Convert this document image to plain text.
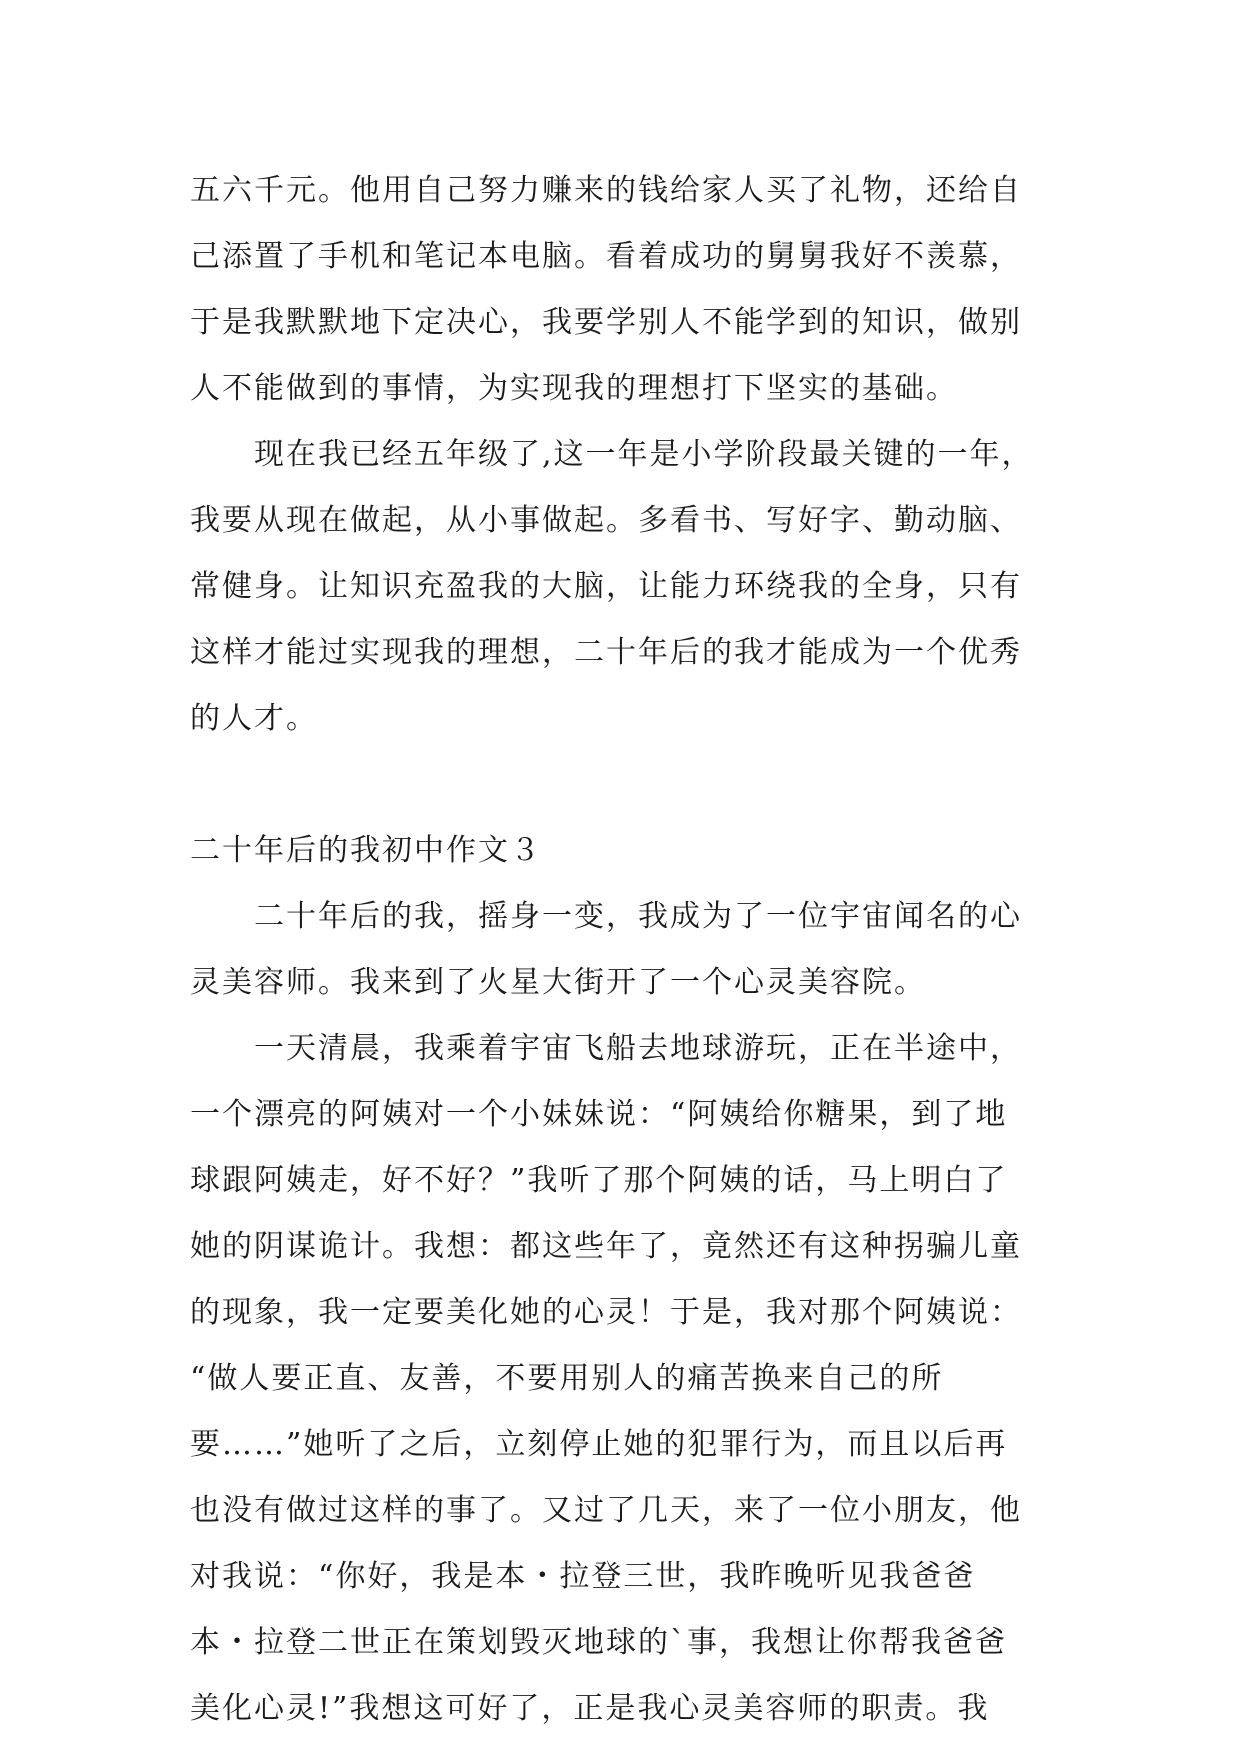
五六千元。他用自己努力赚来的钱给家人买了礼物，还给自
己添置了手机和笔记本电脑。看着成功的舅舅我好不羡慕，
于是我默默地下定决心，我要学别人不能学到的知识，做别
人不能做到的事情，为实现我的理想打下坚实的基础。
现在我已经五年级了,这一年是小学阶段最关键的一年，
我要从现在做起，从小事做起。多看书、写好字、勤动脑、
常健身。让知识充盈我的大脑，让能力环绕我的全身，只有
这样才能过实现我的理想，二十年后的我才能成为一个优秀
的人才。
二十年后的我初中作文３
二十年后的我，摇身一变，我成为了一位宇宙闻名的心
灵美容师。我来到了火星大街开了一个心灵美容院。
一天清晨，我乘着宇宙飞船去地球游玩，正在半途中，
一个漂亮的阿姨对一个小妹妹说：“阿姨给你糖果，到了地
球跟阿姨走，好不好？”我听了那个阿姨的话，马上明白了
她的阴谋诡计。我想：都这些年了，竟然还有这种拐骗儿童
的现象，我一定要美化她的心灵！于是，我对那个阿姨说：
“做人要正直、友善，不要用别人的痛苦换来自己的所
要……”她听了之后，立刻停止她的犯罪行为，而且以后再
也没有做过这样的事了。又过了几天，来了一位小朋友，他
对我说：“你好，我是本・拉登三世，我昨晚听见我爸爸
本・拉登二世正在策划毁灭地球的`事，我想让你帮我爸爸
美化心灵!”我想这可好了，正是我心灵美容师的职责。我
